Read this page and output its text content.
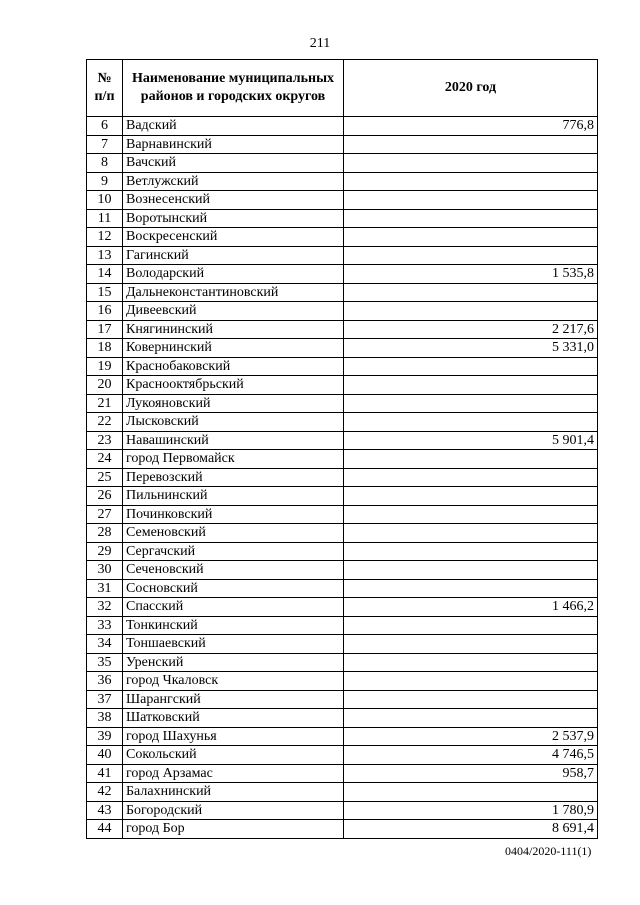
211
№ п/п	Наименование муниципальных районов и городских округов	2020 год
6	Вадский	776,8
7	Варнавинский	
8	Вачский	
9	Ветлужский	
10	Вознесенский	
11	Воротынский	
12	Воскресенский	
13	Гагинский	
14	Володарский	1 535,8
15	Дальнеконстантиновский	
16	Дивеевский	
17	Княгининский	2 217,6
18	Ковернинский	5 331,0
19	Краснобаковский	
20	Краснооктябрьский	
21	Лукояновский	
22	Лысковский	
23	Навашинский	5 901,4
24	город Первомайск	
25	Перевозский	
26	Пильнинский	
27	Починковский	
28	Семеновский	
29	Сергачский	
30	Сеченовский	
31	Сосновский	
32	Спасский	1 466,2
33	Тонкинский	
34	Тоншаевский	
35	Уренский	
36	город Чкаловск	
37	Шарангский	
38	Шатковский	
39	город Шахунья	2 537,9
40	Сокольский	4 746,5
41	город Арзамас	958,7
42	Балахнинский	
43	Богородский	1 780,9
44	город Бор	8 691,4
0404/2020-111(1)
